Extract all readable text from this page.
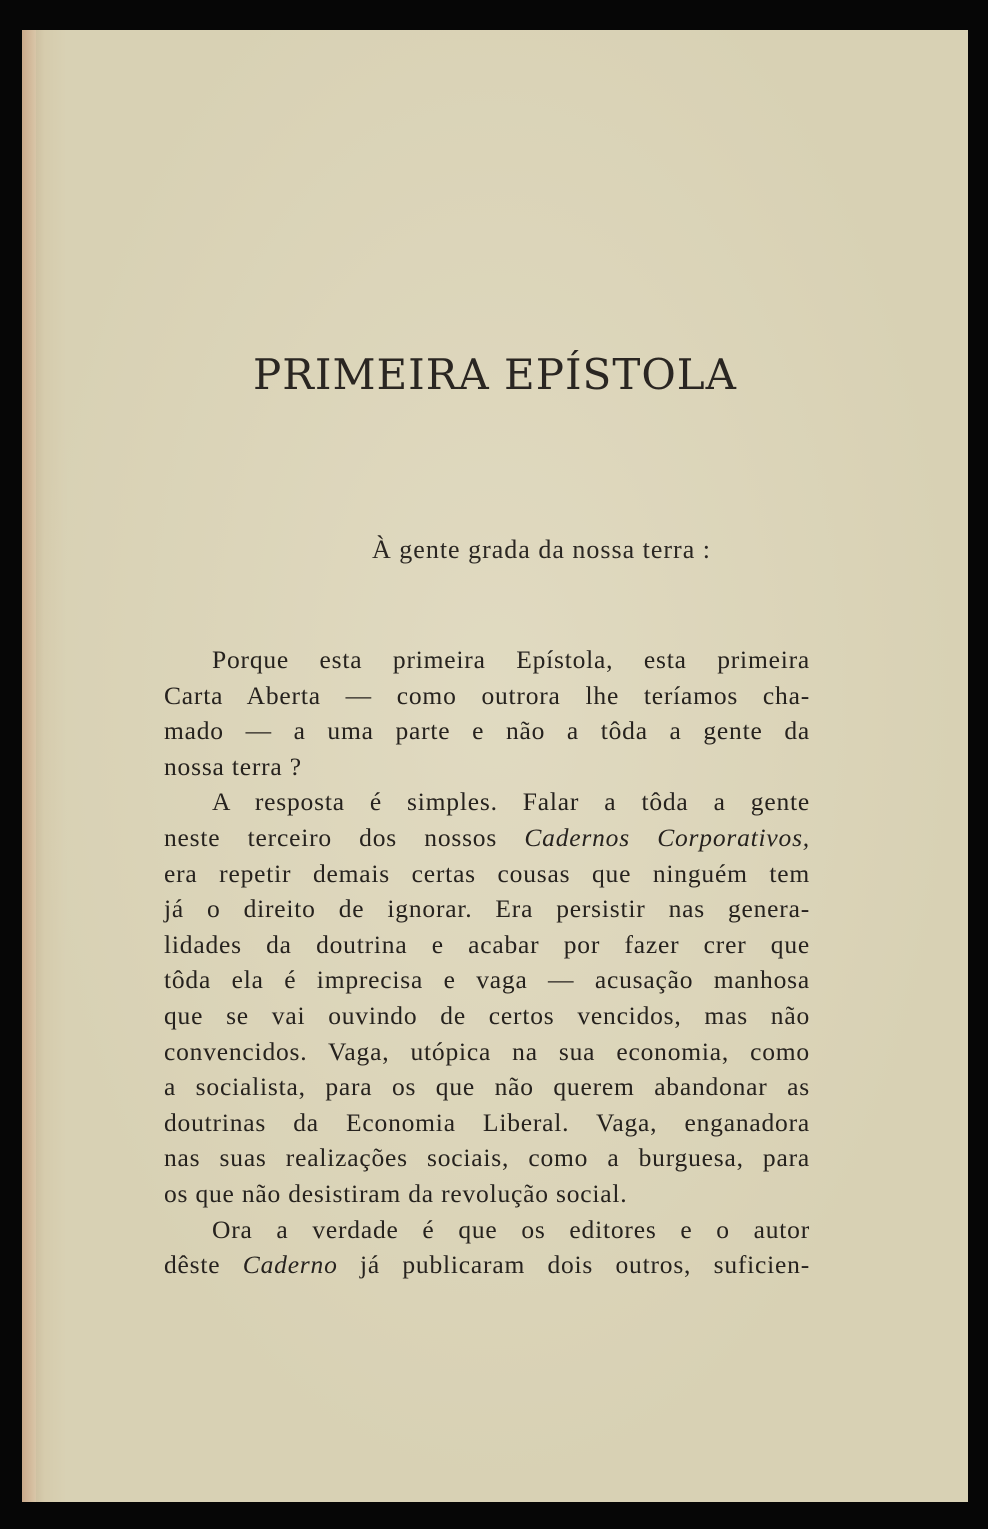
PRIMEIRA EPÍSTOLA

À gente grada da nossa terra :

Porque esta primeira Epístola, esta primeira
Carta Aberta — como outrora lhe teríamos cha-
mado — a uma parte e não a tôda a gente da
nossa terra ?
A resposta é simples. Falar a tôda a gente
neste terceiro dos nossos Cadernos Corporativos,
era repetir demais certas cousas que ninguém tem
já o direito de ignorar. Era persistir nas genera-
lidades da doutrina e acabar por fazer crer que
tôda ela é imprecisa e vaga — acusação manhosa
que se vai ouvindo de certos vencidos, mas não
convencidos. Vaga, utópica na sua economia, como
a socialista, para os que não querem abandonar as
doutrinas da Economia Liberal. Vaga, enganadora
nas suas realizações sociais, como a burguesa, para
os que não desistiram da revolução social.
Ora a verdade é que os editores e o autor
dêste Caderno já publicaram dois outros, suficien-
